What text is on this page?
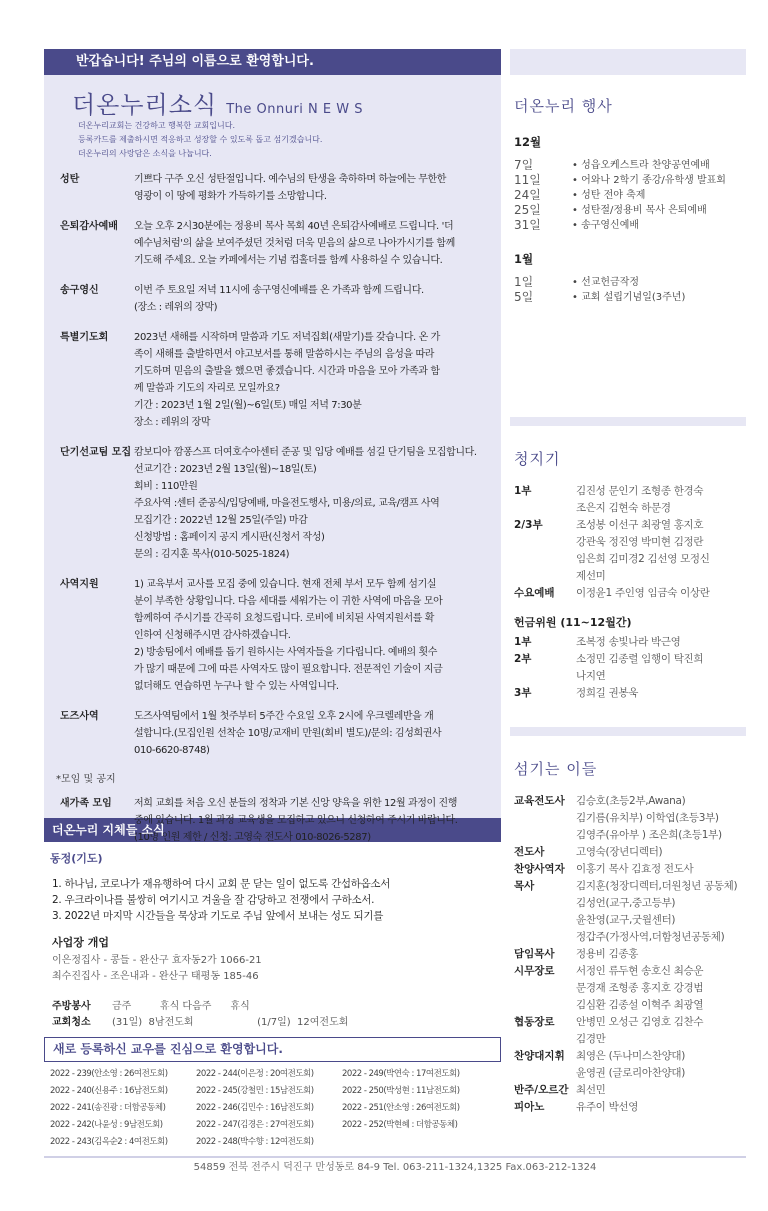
반갑습니다! 주님의 이름으로 환영합니다.
더온누리소식 The Onnuri N E W S
더온누리교회는 건강하고 행복한 교회입니다.
등록카드를 제출하시면 적응하고 성장할 수 있도록 돕고 섬기겠습니다.
더온누리의 사랑담은 소식을 나눕니다.
성탄	기쁘다 구주 오신 성탄절입니다. 예수님의 탄생을 축하하며 하늘에는 무한한
영광이 이 땅에 평화가 가득하기를 소망합니다.
은퇴감사예배	오늘 오후 2시30분에는 정용비 목사 목회 40년 은퇴감사예배로 드립니다. '더
예수님처럼'의 삶을 보여주셨던 것처럼 더욱 믿음의 삶으로 나아가시기를 함께
기도해 주세요. 오늘 카페에서는 기념 컵홀더를 함께 사용하실 수 있습니다.
송구영신	이번 주 토요일 저녁 11시에 송구영신예배를 온 가족과 함께 드립니다.
(장소 : 레위의 장막)
특별기도회	2023년 새해를 시작하며 말씀과 기도 저녁집회(새말기)를 갖습니다. 온 가
족이 새해를 출발하면서 야고보서를 통해 말씀하시는 주님의 음성을 따라
기도하며 믿음의 출발을 했으면 좋겠습니다. 시간과 마음을 모아 가족과 함
께 말씀과 기도의 자리로 모일까요?
기간 : 2023년 1월 2일(월)~6일(토) 매일 저녁 7:30분
장소 : 레위의 장막
단기선교팀 모집 캄보디아 깜퐁스프 더여호수아센터 준공 및 입당 예배를 섬길 단기팀을 모집합니다.
선교기간 : 2023년 2월 13일(월)~18일(토)
회비 : 110만원
주요사역 :센터 준공식/입당예배, 마을전도행사, 미용/의료, 교육/캠프 사역
모집기간 : 2022년 12월 25일(주일) 마감
신청방법 : 홈페이지 공지 게시판(신청서 작성)
문의 : 김지훈 목사(010-5025-1824)
사역지원	1) 교육부서 교사를 모집 중에 있습니다. 현재 전체 부서 모두 함께 섬기실
분이 부족한 상황입니다. 다음 세대를 세워가는 이 귀한 사역에 마음을 모아
함께하여 주시기를 간곡히 요청드립니다. 로비에 비치된 사역지원서를 확
인하여 신청해주시면 감사하겠습니다.
2) 방송팀에서 예배를 돕기 원하시는 사역자들을 기다립니다. 예배의 횟수
가 많기 때문에 그에 따른 사역자도 많이 필요합니다. 전문적인 기술이 지금
없더해도 연습하면 누구나 할 수 있는 사역입니다.
도즈사역	도즈사역팀에서 1월 첫주부터 5주간 수요일 오후 2시에 우크렐레반을 개
설합니다.(모집인원 선착순 10명/교재비 만원(회비 별도)/문의: 김성희권사
010-6620-8748)
*모임 및 공지
새가족 모임	저희 교회를 처음 오신 분들의 정착과 기본 신앙 양육을 위한 12월 과정이 진행
중에 있습니다. 1월 과정 교육생을 모집하고 있으니 신청하여 주시기 바랍니다.
(10명 인원 제한 / 신청: 고영숙 전도사 010-8026-5287)
더온누리 지체들 소식
동정(기도)
1. 하나님, 코로나가 재유행하여 다시 교회 문 닫는 일이 없도록 간섭하옵소서
2. 우크라이나를 불쌍히 여기시고 겨울을 잘 감당하고 전쟁에서 구하소서.
3. 2022년 마지막 시간들을 묵상과 기도로 주님 앞에서 보내는 성도 되기를
사업장 개업
이은정집사 - 콩들 - 완산구 효자동2가 1066-21
최수진집사 - 조은내과 - 완산구 태평동 185-46
주방봉사	금주         휴식 다음주      휴식
교회청소	(31일)  8남전도회                    (1/7일)  12여전도회
새로 등록하신 교우를 진심으로 환영합니다.
2022 - 239(안소영 : 26여전도회)	2022 - 244(이은정 : 20여전도회)	2022 - 249(박연숙 : 17여전도회)
2022 - 240(신용주 : 16남전도회)	2022 - 245(강철민 : 15남전도회)	2022 - 250(박성현 : 11남전도회)
2022 - 241(송진광 : 더함공동체)	2022 - 246(김민수 : 16남전도회)	2022 - 251(안소영 : 26여전도회)
2022 - 242(나윤성 : 9남전도회)	2022 - 247(김경은 : 27여전도회)	2022 - 252(박현혜 : 더함공동체)
2022 - 243(김옥순2 : 4여전도회)	2022 - 248(박수향 : 12여전도회)
더온누리 행사
12월
7일	• 성읍오케스트라 찬양공연예배
11일	• 어와나 2학기 종강/유학생 발표회
24일	• 성탄 전야 축제
25일	• 성탄절/정용비 목사 은퇴예배
31일	• 송구영신예배
1월
1일	• 선교헌금작정
5일	• 교회 설립기념일(3주년)
청지기
1부	김진성 문인기 조형종 한경숙
조은지 김현숙 하문경
2/3부	조성봉 이선구 최광열 홍지호
강관욱 정진영 박미현 김정란
임은희 김미경2 김선영 모정신
제선미
수요예배	이정윤1 주인영 임금숙 이상란
헌금위원 (11~12월간)
1부	조복정 송빛나라 박근영
2부	소정민 김종렬 임행이 탁진희
나지연
3부	정희길 권봉욱
섬기는 이들
교육전도사	김승호(초등2부,Awana)
김기름(유치부) 이학엽(초등3부)
김영주(유아부 ) 조은희(초등1부)
전도사	고영숙(장년디렉터)
찬양사역자	이홍기 목사 김효정 전도사
목사	김지훈(청장디렉터,더원청년 공동체)
김성언(교구,중고등부)
윤찬영(교구,굿월센터)
정갑주(가정사역,더함청년공동체)
담임목사	정용비 김종홍
시무장로	서정인 류두현 송호신 최승운
문경재 조형종 홍지호 강경범
김심환 김종설 이혁주 최광열
협동장로	안병민 오성근 김영호 김찬수
김경만
찬양대지휘	최영은 (두나미스찬양대)
윤영권 (글로리아찬양대)
반주/오르간 최선민
피아노	유주이 박선영
54859 전북 전주시 덕진구 만성동로 84-9 Tel. 063-211-1324,1325 Fax.063-212-1324
